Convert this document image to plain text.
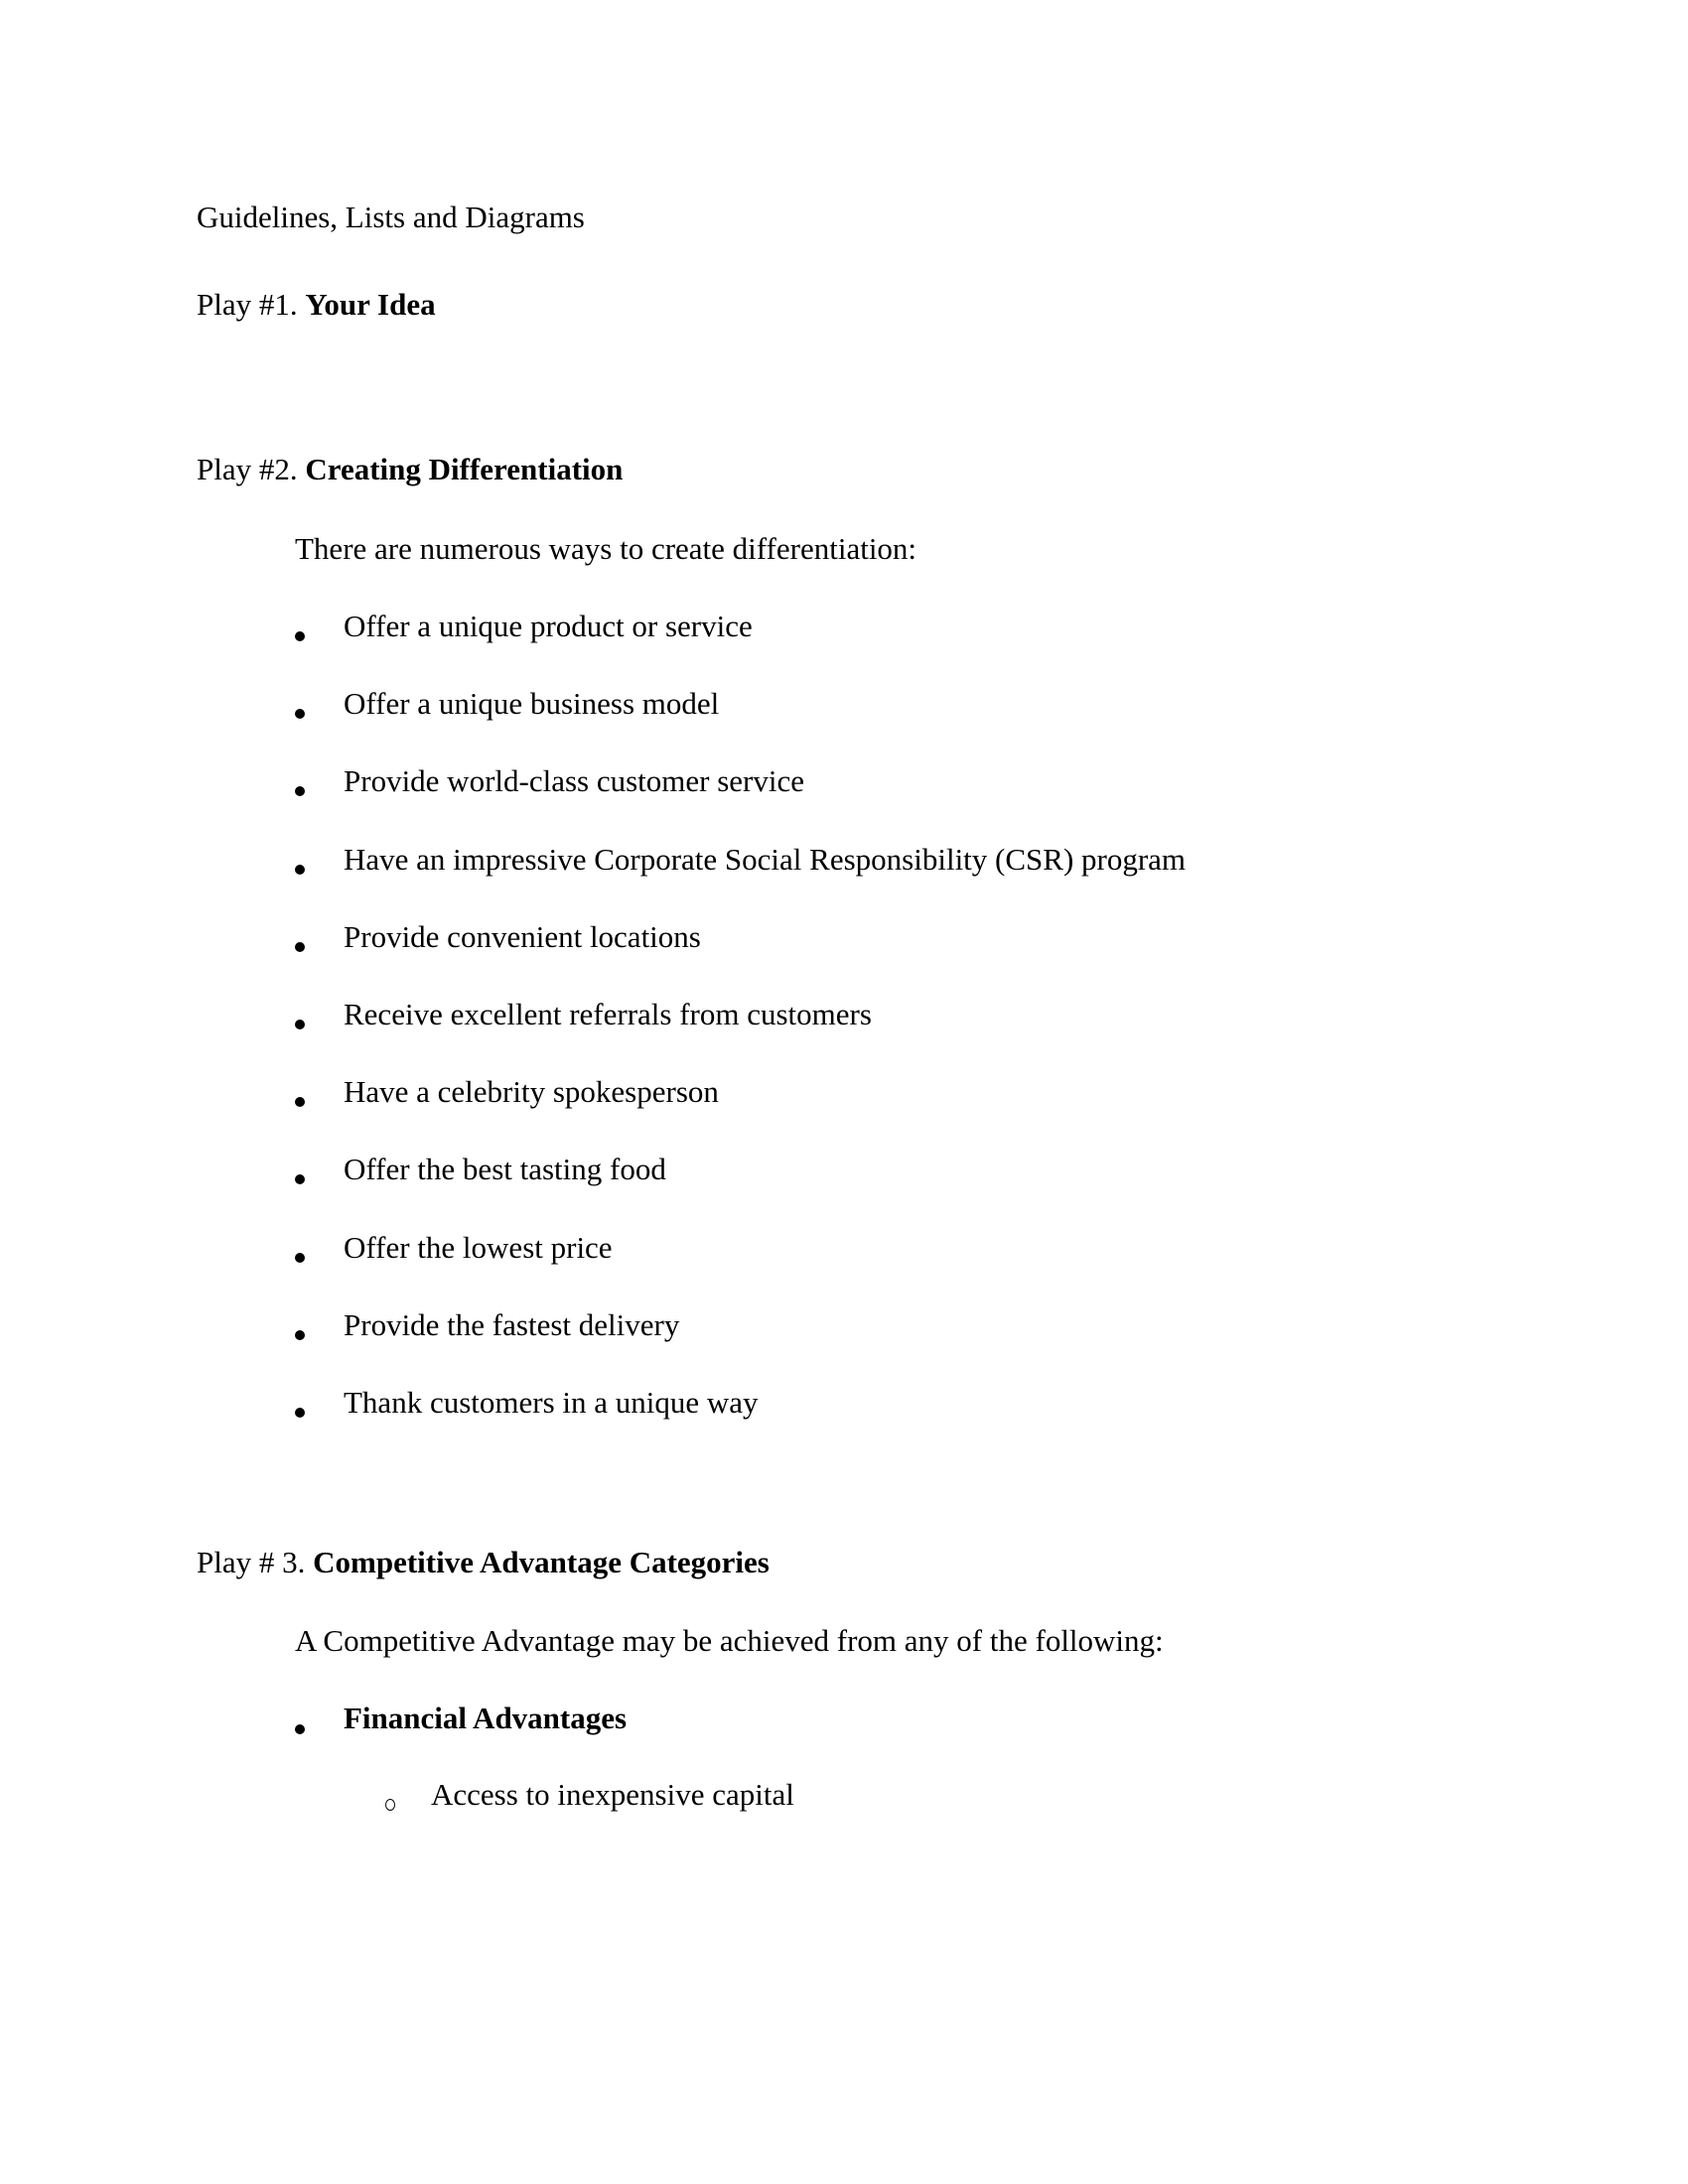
Guidelines, Lists and Diagrams
Play #1. Your Idea
Play #2. Creating Differentiation
There are numerous ways to create differentiation:
Offer a unique product or service
Offer a unique business model
Provide world-class customer service
Have an impressive Corporate Social Responsibility (CSR) program
Provide convenient locations
Receive excellent referrals from customers
Have a celebrity spokesperson
Offer the best tasting food
Offer the lowest price
Provide the fastest delivery
Thank customers in a unique way
Play # 3. Competitive Advantage Categories
A Competitive Advantage may be achieved from any of the following:
Financial Advantages
Access to inexpensive capital
